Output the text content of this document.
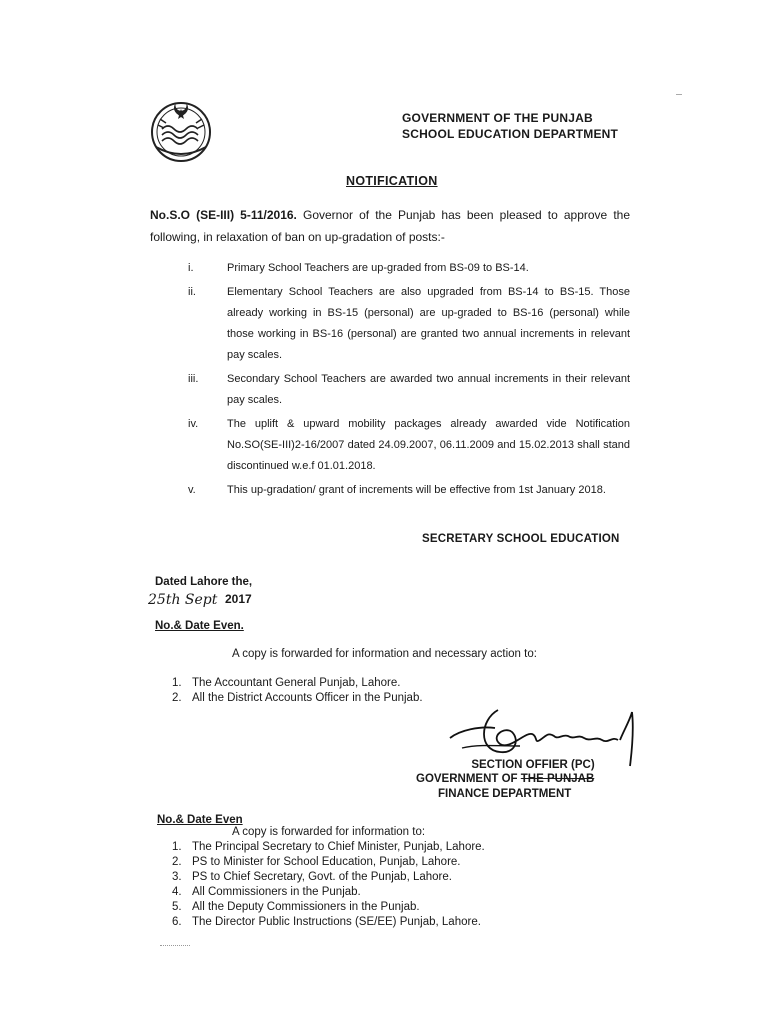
GOVERNMENT OF THE PUNJAB
SCHOOL EDUCATION DEPARTMENT
NOTIFICATION
No.S.O (SE-III) 5-11/2016. Governor of the Punjab has been pleased to approve the following, in relaxation of ban on up-gradation of posts:-
i.	Primary School Teachers are up-graded from BS-09 to BS-14.
ii.	Elementary School Teachers are also upgraded from BS-14 to BS-15. Those already working in BS-15 (personal) are up-graded to BS-16 (personal) while those working in BS-16 (personal) are granted two annual increments in relevant pay scales.
iii.	Secondary School Teachers are awarded two annual increments in their relevant pay scales.
iv.	The uplift & upward mobility packages already awarded vide Notification No.SO(SE-III)2-16/2007 dated 24.09.2007, 06.11.2009 and 15.02.2013 shall stand discontinued w.e.f 01.01.2018.
v.	This up-gradation/ grant of increments will be effective from 1st January 2018.
SECRETARY SCHOOL EDUCATION
Dated Lahore the,
25th Sept 2017
No.& Date Even.
A copy is forwarded for information and necessary action to:
1. The Accountant General Punjab, Lahore.
2. All the District Accounts Officer in the Punjab.
SECTION OFFIER (PC)
GOVERNMENT OF THE PUNJAB
FINANCE DEPARTMENT
No.& Date Even
A copy is forwarded for information to:
1. The Principal Secretary to Chief Minister, Punjab, Lahore.
2. PS to Minister for School Education, Punjab, Lahore.
3. PS to Chief Secretary, Govt. of the Punjab, Lahore.
4. All Commissioners in the Punjab.
5. All the Deputy Commissioners in the Punjab.
6. The Director Public Instructions (SE/EE) Punjab, Lahore.
